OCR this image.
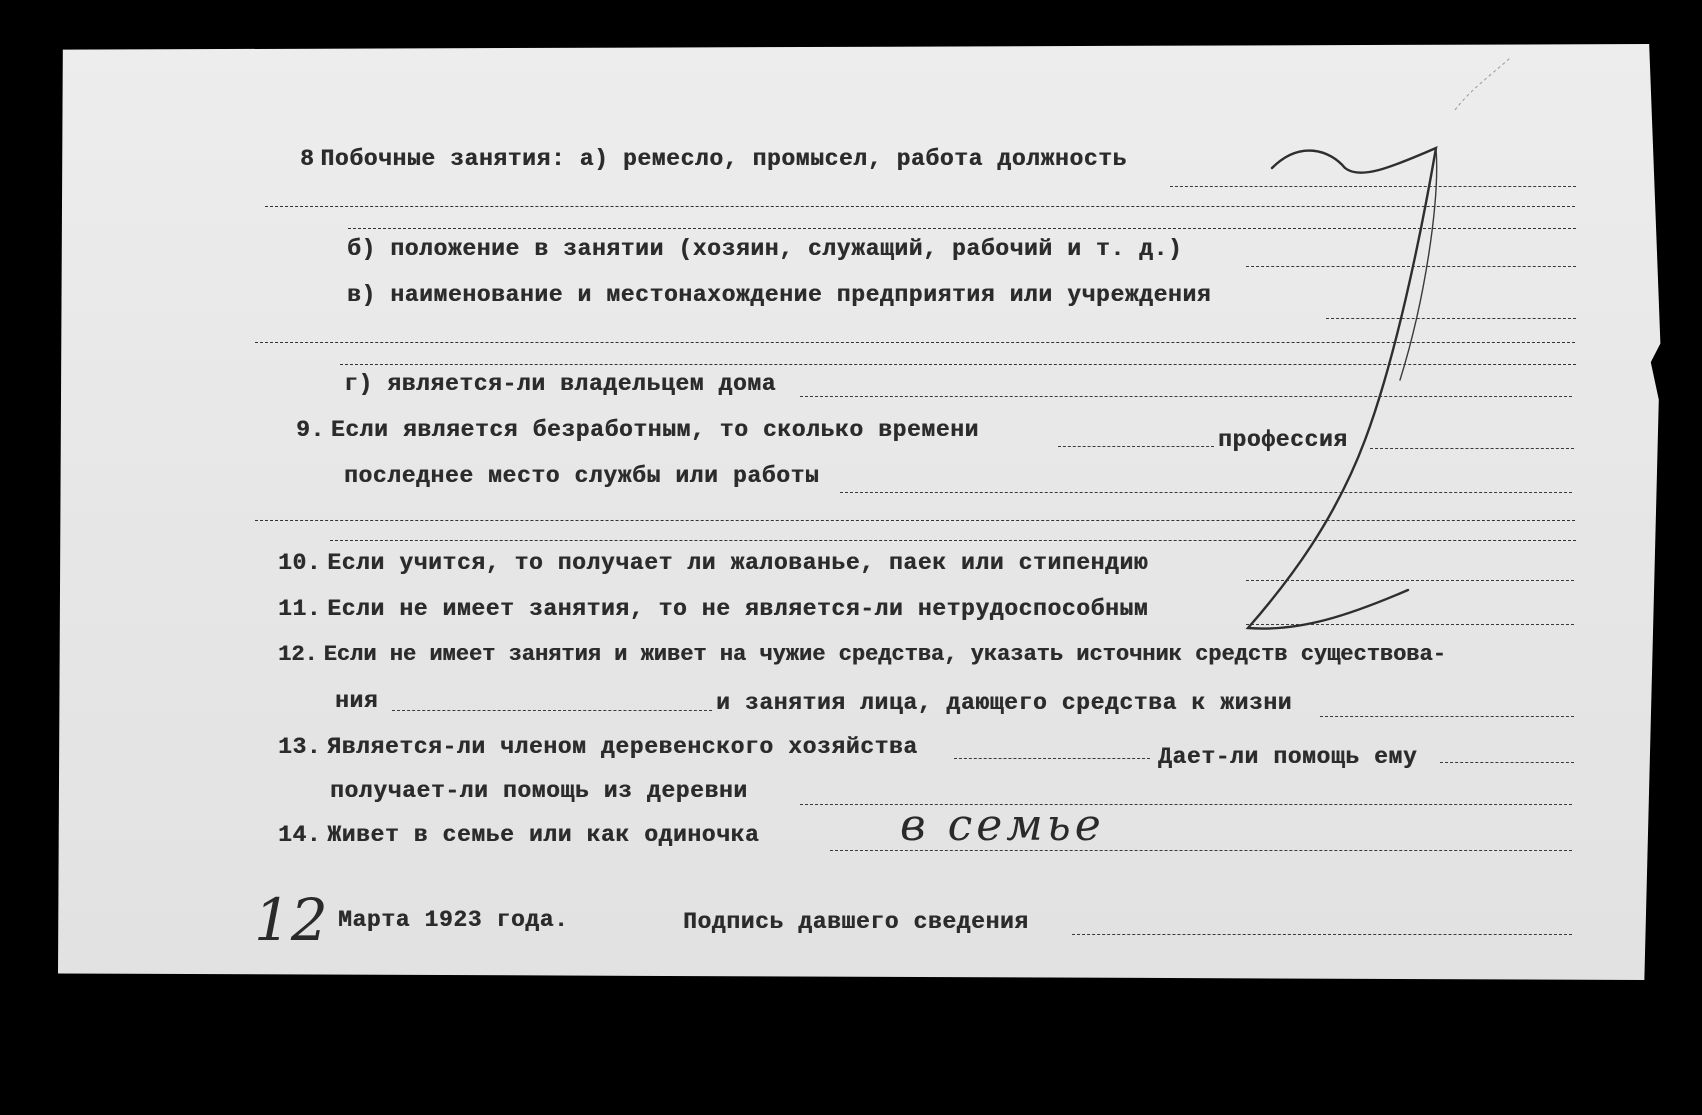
8 Побочные занятия: а) ремесло, промысел, работа должность
б) положение в занятии (хозяин, служащий, рабочий и т. д.)
в) наименование и местонахождение предприятия или учреждения
г) является-ли владельцем дома
9. Если является безработным, то сколько времени	профессия
последнее место службы или работы
10. Если учится, то получает ли жалованье, паек или стипендию
11. Если не имеет занятия, то не является-ли нетрудоспособным
12. Если не имеет занятия и живет на чужие средства, указать источник средств существова-
ния	и занятия лица, дающего средства к жизни
13. Является-ли членом деревенского хозяйства	Дает-ли помощь ему
получает-ли помощь из деревни
14. Живет в семье или как одиночка	в семье
12 Марта 1923 года.	Подпись давшего сведения
